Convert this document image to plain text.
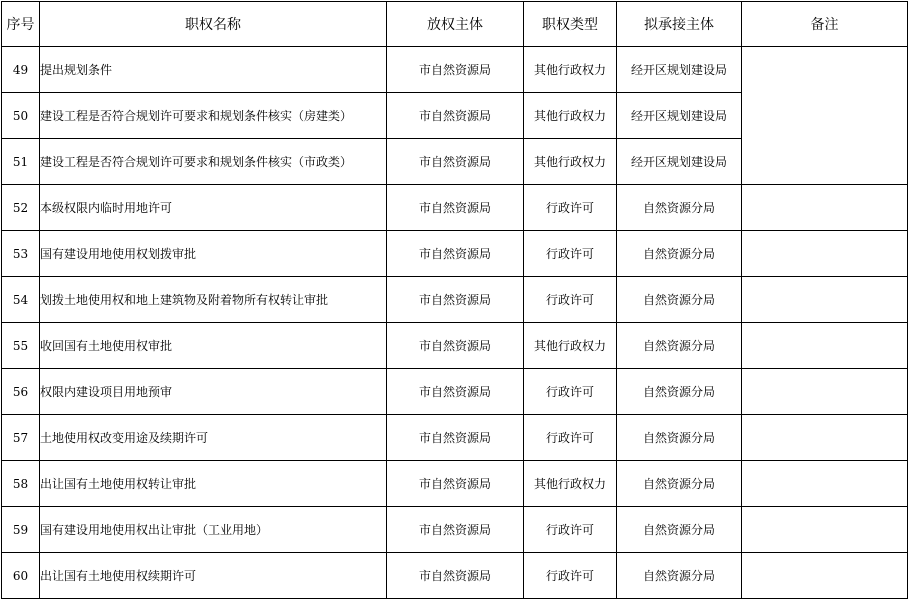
序号	职权名称	放权主体	职权类型	拟承接主体	备注
49	提出规划条件	市自然资源局	其他行政权力	经开区规划建设局	
50	建设工程是否符合规划许可要求和规划条件核实（房建类）	市自然资源局	其他行政权力	经开区规划建设局	
51	建设工程是否符合规划许可要求和规划条件核实（市政类）	市自然资源局	其他行政权力	经开区规划建设局	
52	本级权限内临时用地许可	市自然资源局	行政许可	自然资源分局	
53	国有建设用地使用权划拨审批	市自然资源局	行政许可	自然资源分局	
54	划拨土地使用权和地上建筑物及附着物所有权转让审批	市自然资源局	行政许可	自然资源分局	
55	收回国有土地使用权审批	市自然资源局	其他行政权力	自然资源分局	
56	权限内建设项目用地预审	市自然资源局	行政许可	自然资源分局	
57	土地使用权改变用途及续期许可	市自然资源局	行政许可	自然资源分局	
58	出让国有土地使用权转让审批	市自然资源局	其他行政权力	自然资源分局	
59	国有建设用地使用权出让审批（工业用地）	市自然资源局	行政许可	自然资源分局	
60	出让国有土地使用权续期许可	市自然资源局	行政许可	自然资源分局	
